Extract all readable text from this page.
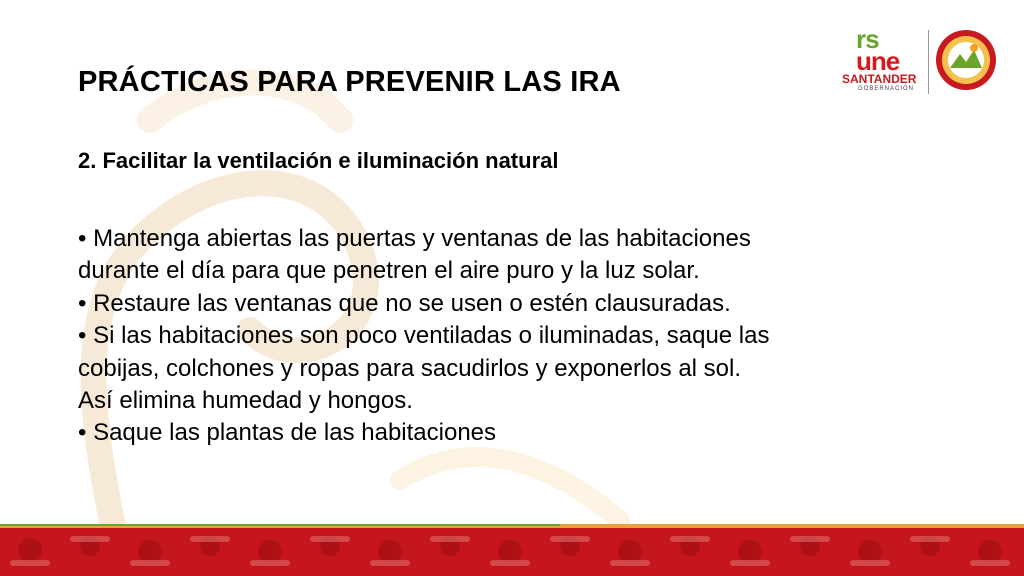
rs
une
SANTANDER
GOBERNACIÓN
PRÁCTICAS PARA PREVENIR LAS IRA
2. Facilitar la ventilación e iluminación natural
• Mantenga abiertas las puertas y ventanas de las habitaciones
durante el día para que penetren el aire puro y la luz solar.
• Restaure las ventanas que no se usen o estén clausuradas.
• Si las habitaciones son poco ventiladas o iluminadas, saque las
cobijas, colchones y ropas para sacudirlos y exponerlos al sol.
Así elimina humedad y hongos.
• Saque las plantas de las habitaciones
